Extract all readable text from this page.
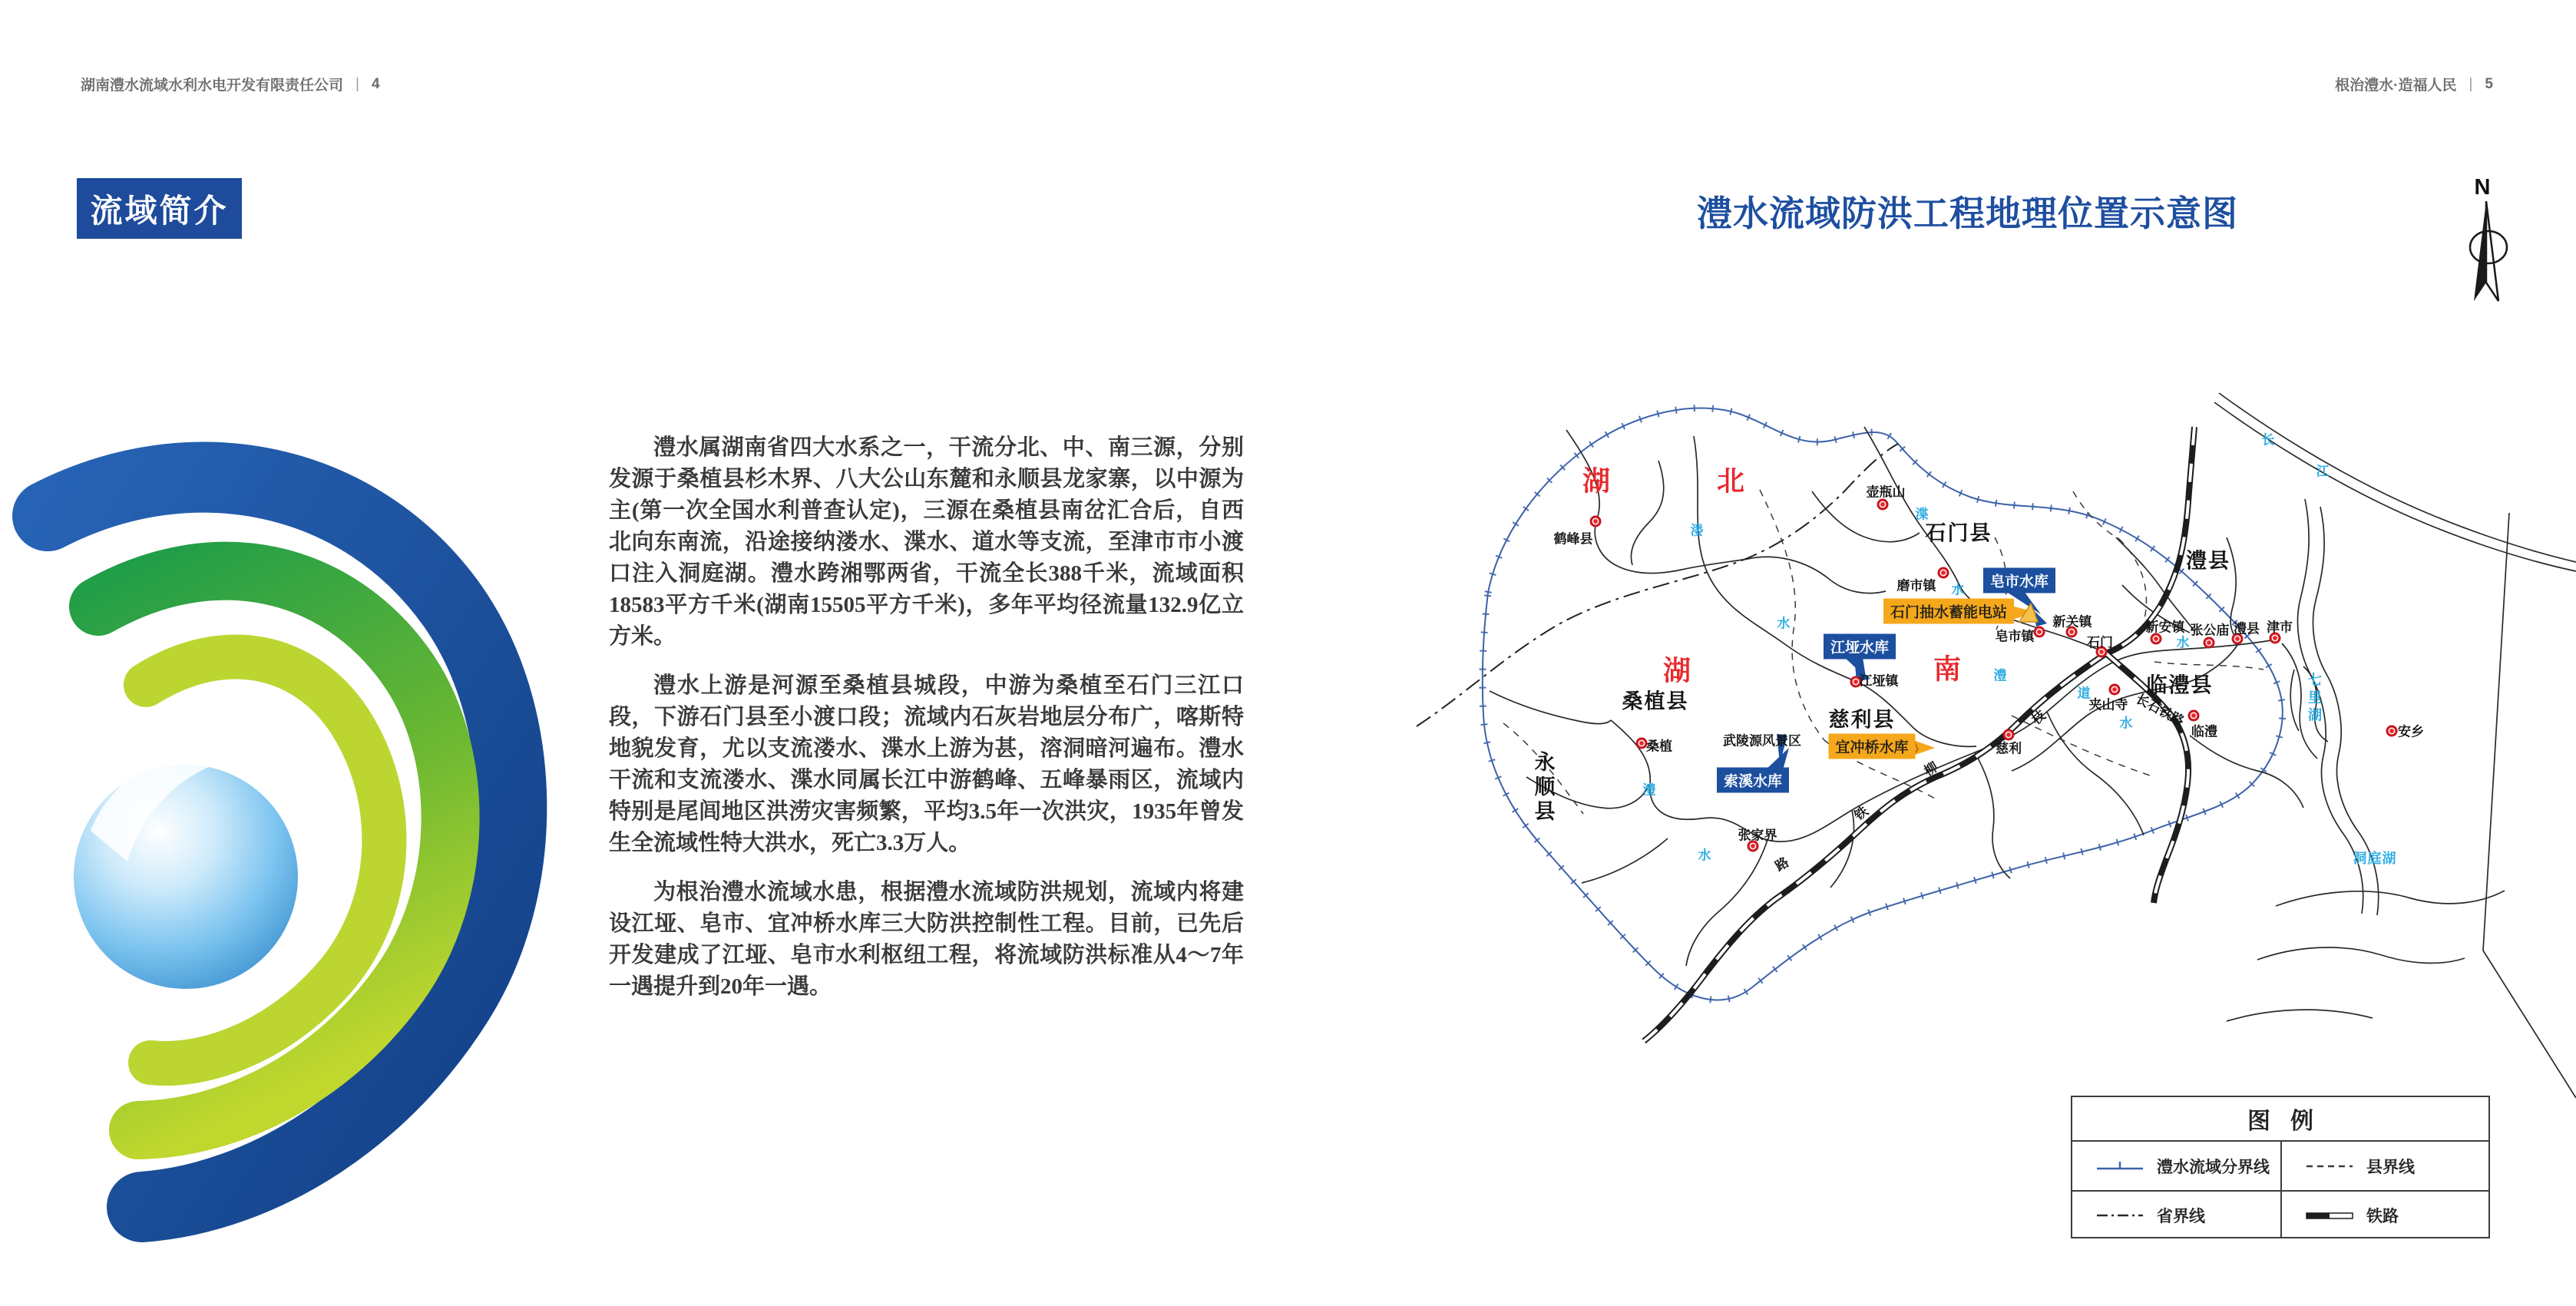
湖南澧水流域水利水电开发有限责任公司 | 4	根治澧水·造福人民 | 5
流域简介

澧水属湖南省四大水系之一，干流分北、中、南三源，分别发源于桑植县杉木界、八大公山东麓和永顺县龙家寨，以中源为主(第一次全国水利普查认定)，三源在桑植县南岔汇合后，自西北向东南流，沿途接纳溇水、渫水、道水等支流，至津市市小渡口注入洞庭湖。澧水跨湘鄂两省，干流全长388千米，流域面积18583平方千米(湖南15505平方千米)，多年平均径流量132.9亿立方米。

澧水上游是河源至桑植县城段，中游为桑植至石门三江口段，下游石门县至小渡口段；流域内石灰岩地层分布广，喀斯特地貌发育，尤以支流溇水、渫水上游为甚，溶洞暗河遍布。澧水干流和支流溇水、渫水同属长江中游鹤峰、五峰暴雨区，流域内特别是尾闾地区洪涝灾害频繁，平均3.5年一次洪灾，1935年曾发生全流域性特大洪水，死亡3.3万人。

为根治澧水流域水患，根据澧水流域防洪规划，流域内将建设江垭、皂市、宜冲桥水库三大防洪控制性工程。目前，已先后开发建成了江垭、皂市水利枢纽工程，将流域防洪标准从4～7年一遇提升到20年一遇。

澧水流域防洪工程地理位置示意图
N
湖	北
湖	南
桑植县
石门县
澧县
临澧县
慈利县
永顺县
溇
水
渫
水
澧
水
澧
道
水
水
长
江
洞庭湖
七里湖
武陵源风景区
枝
柳
铁
路
长石铁路
鹤峰县
壶瓶山
桑植
磨市镇
皂市镇
新关镇
石门
新安镇 张公庙 澧县 津市
临澧
慈利
夹山寺
江垭镇
张家界
安乡
江垭水库
皂市水库
索溪水库
石门抽水蓄能电站
宜冲桥水库
图例
澧水流域分界线	县界线
省界线	铁路
